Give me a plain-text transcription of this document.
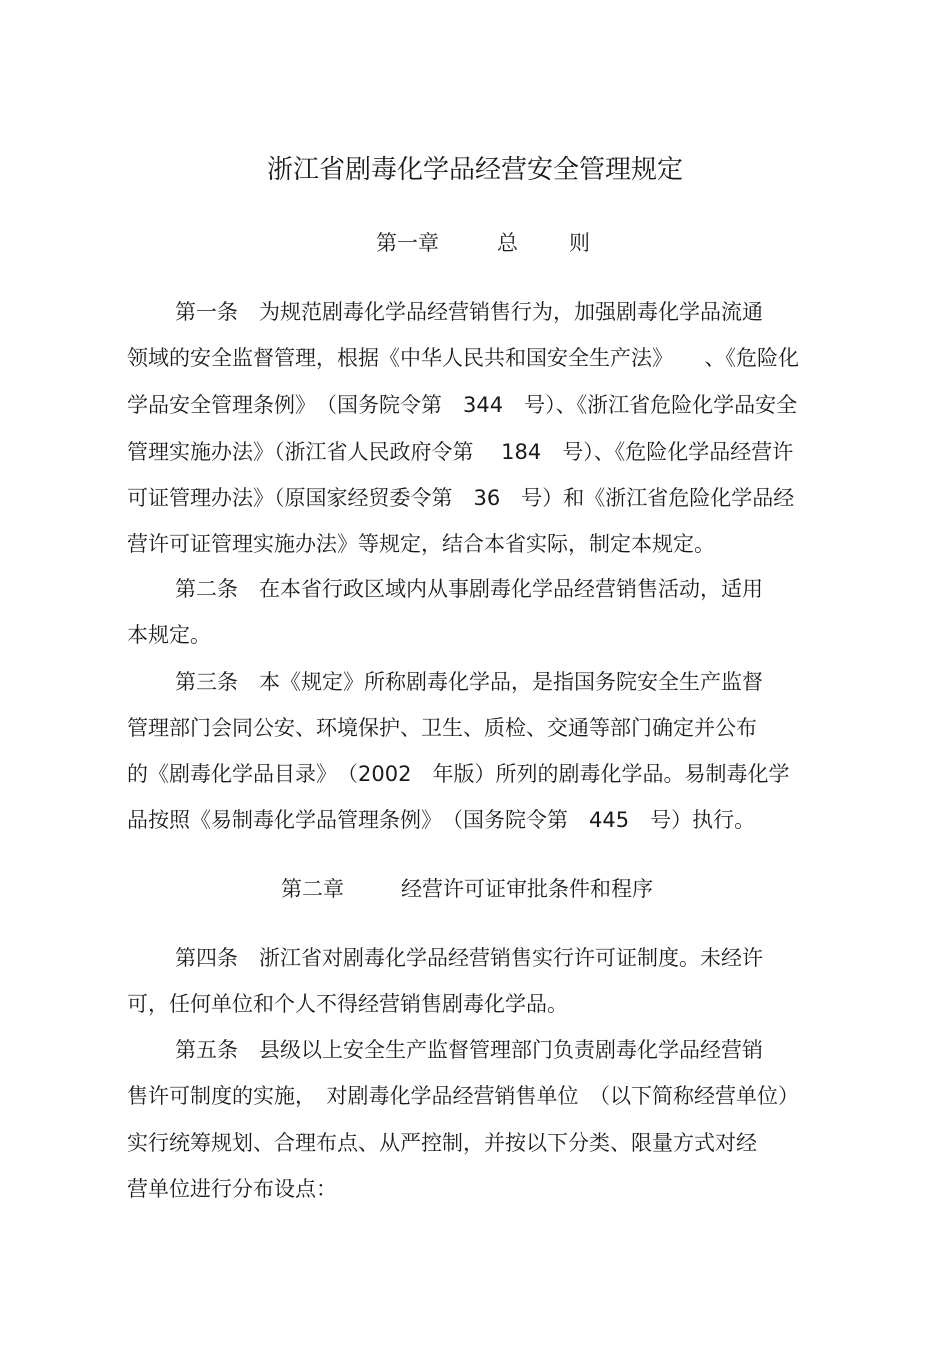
浙江省剧毒化学品经营安全管理规定
第一章	总 则
第一条　为规范剧毒化学品经营销售行为，加强剧毒化学品流通
领域的安全监督管理，根据《中华人民共和国安全生产法》　　、《危险化
学品安全管理条例》　（国务院令第　344　号）、《浙江省危险化学品安全
管理实施办法》（浙江省人民政府令第　 184　号）、《危险化学品经营许
可证管理办法》（原国家经贸委令第　36　号）和《浙江省危险化学品经
营许可证管理实施办法》等规定，结合本省实际，制定本规定。
第二条　在本省行政区域内从事剧毒化学品经营销售活动，适用
本规定。
第三条　本《规定》所称剧毒化学品，是指国务院安全生产监督
管理部门会同公安、环境保护、卫生、质检、交通等部门确定并公布
的《剧毒化学品目录》　（2002　年版）所列的剧毒化学品。易制毒化学
品按照《易制毒化学品管理条例》　（国务院令第　445　号）执行。
第二章	经营许可证审批条件和程序
第四条　浙江省对剧毒化学品经营销售实行许可证制度。未经许
可，任何单位和个人不得经营销售剧毒化学品。
第五条　县级以上安全生产监督管理部门负责剧毒化学品经营销
售许可制度的实施，　对剧毒化学品经营销售单位　（以下简称经营单位）
实行统筹规划、合理布点、从严控制，并按以下分类、限量方式对经
营单位进行分布设点：
